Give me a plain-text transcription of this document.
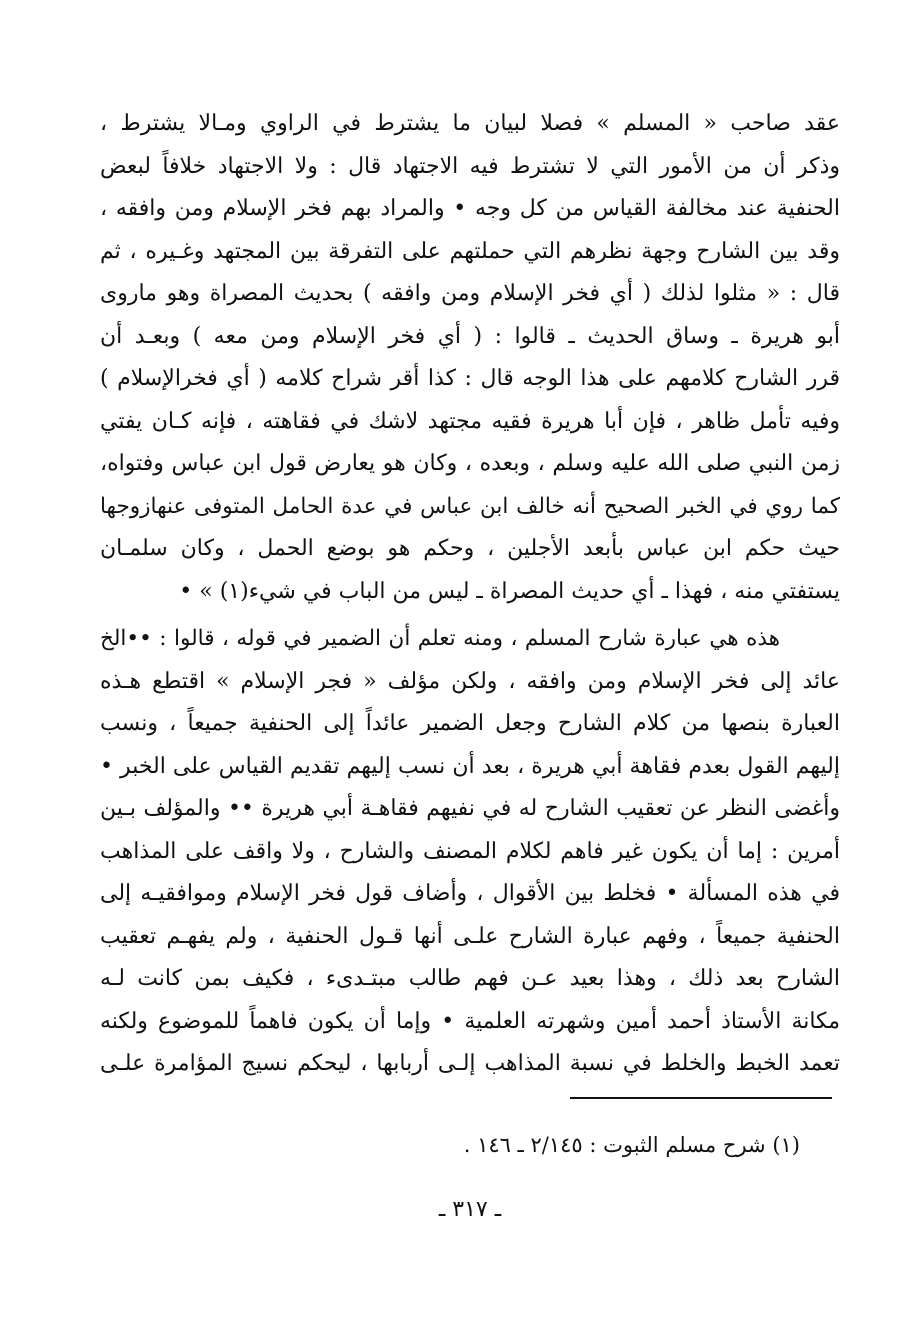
عقد صاحب « المسلم » فصلا لبيان ما يشترط في الراوي ومـالا يشترط ،
وذكر أن من الأمور التي لا تشترط فيه الاجتهاد قال : ولا الاجتهاد خلافاً لبعض
الحنفية عند مخالفة القياس من كل وجه • والمراد بهم فخر الإسلام ومن وافقه ،
وقد بين الشارح وجهة نظرهم التي حملتهم على التفرقة بين المجتهد وغـيره ، ثم
قال : « مثلوا لذلك ( أي فخر الإسلام ومن وافقه ) بحديث المصراة وهو ماروى
أبو هريرة ـ وساق الحديث ـ قالوا : ( أي فخر الإسلام ومن معه ) وبعـد أن
قرر الشارح كلامهم على هذا الوجه قال : كذا أقر شراح كلامه ( أي فخرالإسلام )
وفيه تأمل ظاهر ، فإن أبا هريرة فقيه مجتهد لاشك في فقاهته ، فإنه كـان يفتي
زمن النبي صلى الله عليه وسلم ، وبعده ، وكان هو يعارض قول ابن عباس وفتواه،
كما روي في الخبر الصحيح أنه خالف ابن عباس في عدة الحامل المتوفى عنهازوجها
حيث حكم ابن عباس بأبعد الأجلين ، وحكم هو بوضع الحمل ، وكان سلمـان
يستفتي منه ، فهذا ـ أي حديث المصراة ـ ليس من الباب في شيء(١) » •
هذه هي عبارة شارح المسلم ، ومنه تعلم أن الضمير في قوله ، قالوا : ••الخ
عائد إلى فخر الإسلام ومن وافقه ، ولكن مؤلف « فجر الإسلام » اقتطع هـذه
العبارة بنصها من كلام الشارح وجعل الضمير عائداً إلى الحنفية جميعاً ، ونسب
إليهم القول بعدم فقاهة أبي هريرة ، بعد أن نسب إليهم تقديم القياس على الخبر •
وأغضى النظر عن تعقيب الشارح له في نفيهم فقاهـة أبي هريرة •• والمؤلف بـين
أمرين : إما أن يكون غير فاهم لكلام المصنف والشارح ، ولا واقف على المذاهب
في هذه المسألة • فخلط بين الأقوال ، وأضاف قول فخر الإسلام وموافقيـه إلى
الحنفية جميعاً ، وفهم عبارة الشارح علـى أنها قـول الحنفية ، ولم يفهـم تعقيب
الشارح بعد ذلك ، وهذا بعيد عـن فهم طالب مبتـدىء ، فكيف بمن كانت لـه
مكانة الأستاذ أحمد أمين وشهرته العلمية • وإما أن يكون فاهماً للموضوع ولكنه
تعمد الخبط والخلط في نسبة المذاهب إلـى أربابها ، ليحكم نسيج المؤامرة علـى
(١) شرح مسلم الثبوت : ٢/١٤٥ ـ ١٤٦ .
ـ ٣١٧ ـ
